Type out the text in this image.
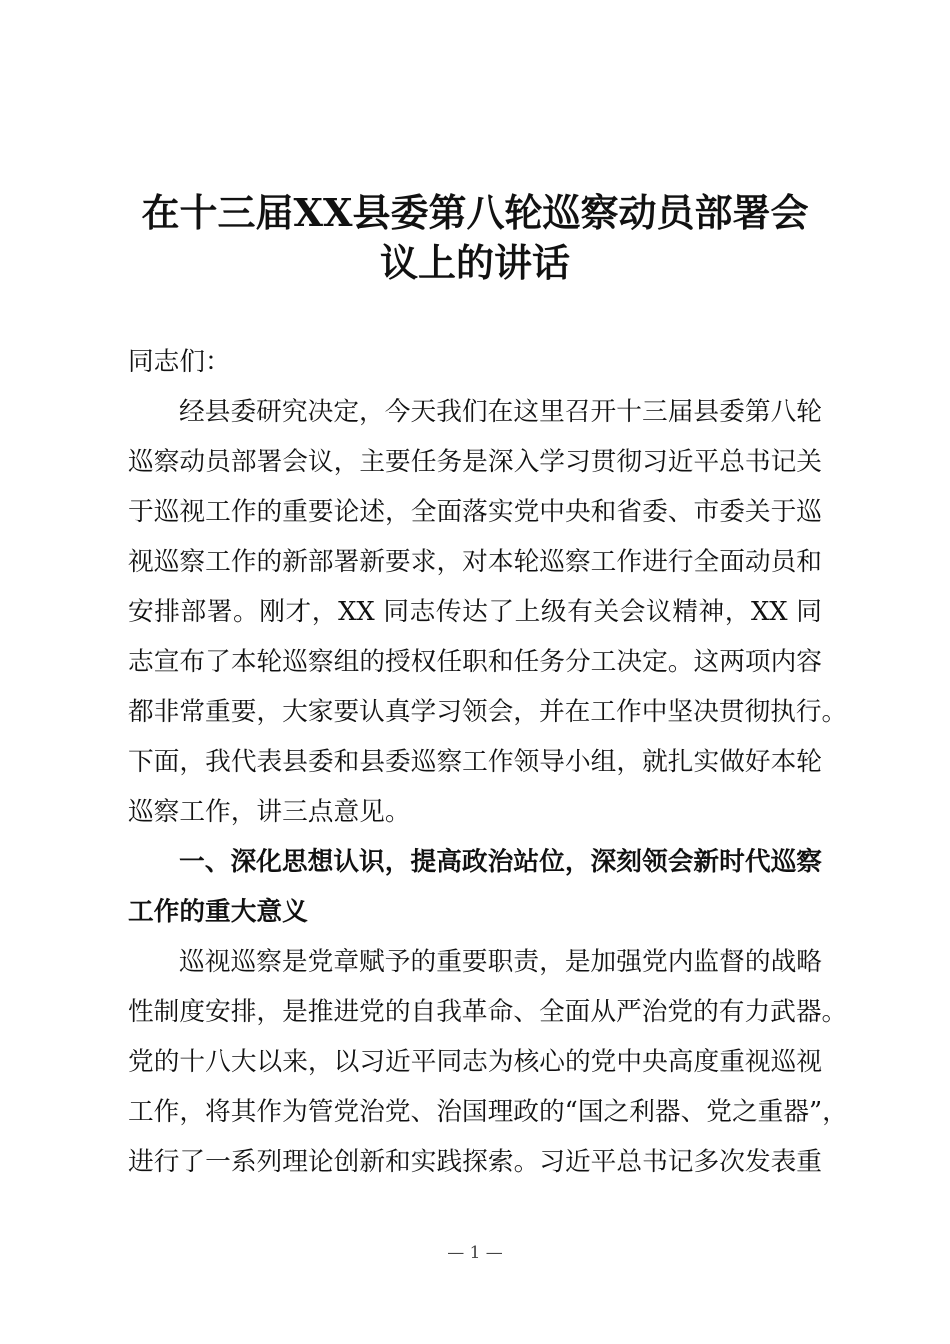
在十三届XX县委第八轮巡察动员部署会
议上的讲话
同志们：
经县委研究决定，今天我们在这里召开十三届县委第八轮
巡察动员部署会议，主要任务是深入学习贯彻习近平总书记关
于巡视工作的重要论述，全面落实党中央和省委、市委关于巡
视巡察工作的新部署新要求，对本轮巡察工作进行全面动员和
安排部署。刚才，XX 同志传达了上级有关会议精神，XX 同
志宣布了本轮巡察组的授权任职和任务分工决定。这两项内容
都非常重要，大家要认真学习领会，并在工作中坚决贯彻执行。
下面，我代表县委和县委巡察工作领导小组，就扎实做好本轮
巡察工作，讲三点意见。
一、深化思想认识，提高政治站位，深刻领会新时代巡察
工作的重大意义
巡视巡察是党章赋予的重要职责，是加强党内监督的战略
性制度安排，是推进党的自我革命、全面从严治党的有力武器。
党的十八大以来，以习近平同志为核心的党中央高度重视巡视
工作，将其作为管党治党、治国理政的“国之利器、党之重器”，
进行了一系列理论创新和实践探索。习近平总书记多次发表重
— 1 —
